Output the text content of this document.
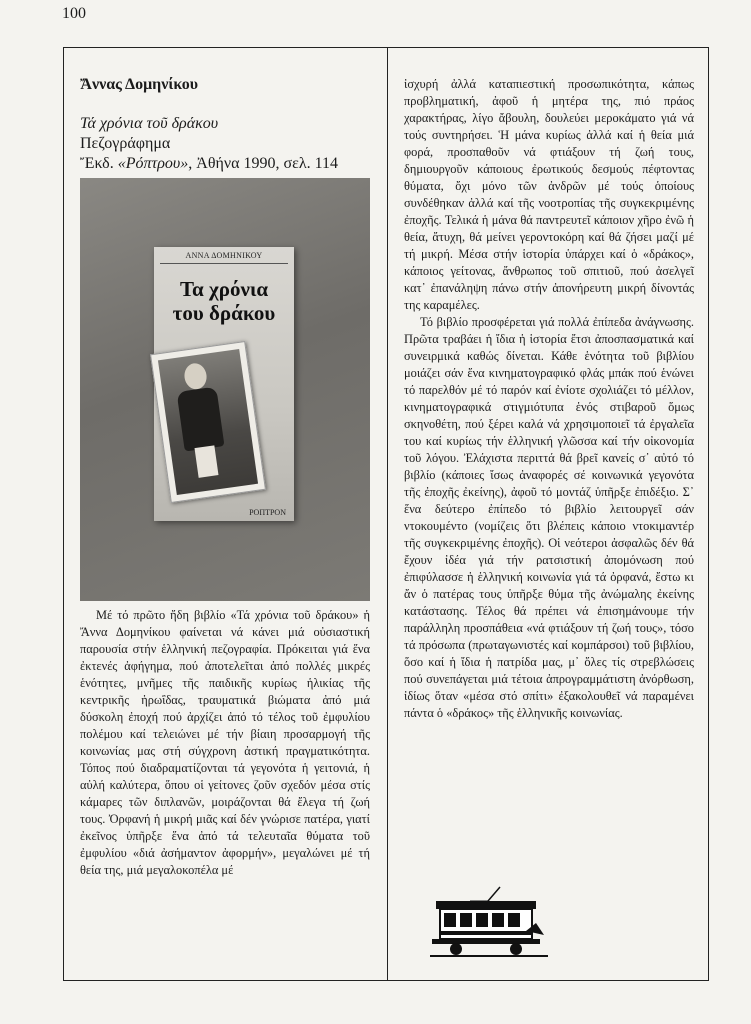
100
Ἄννας Δομηνίκου
Τά χρόνια τοῦ δράκου
Πεζογράφημα
Ἔκδ. «Ρόπτρου», Ἀθήνα 1990, σελ. 114
ΑΝΝΑ ΔΟΜΗΝΙΚΟΥ
Τα χρόνια
του δράκου
ΡΟΠΤΡΟΝ

Μέ τό πρῶτο ἤδη βιβλίο «Τά χρόνια τοῦ δράκου» ἡ Ἄννα Δομηνίκου φαίνεται νά κάνει μιά οὐσιαστική παρουσία στήν ἑλληνική πεζογραφία. Πρόκειται γιά ἕνα ἐκτενές ἀφήγημα, πού ἀποτελεῖται ἀπό πολλές μικρές ἑνότητες, μνῆμες τῆς παιδικῆς κυρίως ἡλικίας τῆς κεντρικῆς ἡρωΐδας, τραυματικά βιώματα ἀπό μιά δύσκολη ἐποχή πού ἀρχίζει ἀπό τό τέλος τοῦ ἐμφυλίου πολέμου καί τελειώνει μέ τήν βίαιη προσαρμογή τῆς κοινωνίας μας στή σύγχρονη ἀστική πραγματικότητα. Τόπος πού διαδραματίζονται τά γεγονότα ἡ γειτονιά, ἡ αὐλή καλύτερα, ὅπου οἱ γείτονες ζοῦν σχεδόν μέσα στίς κάμαρες τῶν διπλανῶν, μοιράζονται θά ἔλεγα τή ζωή τους. Ὀρφανή ἡ μικρή μιᾶς καί δέν γνώρισε πατέρα, γιατί ἐκεῖνος ὑπῆρξε ἕνα ἀπό τά τελευταῖα θύματα τοῦ ἐμφυλίου «διά ἀσήμαντον ἀφορμήν», μεγαλώνει μέ τή θεία της, μιά μεγαλοκοπέλα μέ

ἰσχυρή ἀλλά καταπιεστική προσωπικότητα, κάπως προβληματική, ἀφοῦ ἡ μητέρα της, πιό πράος χαρακτήρας, λίγο ἄβουλη, δουλεύει μεροκάματο γιά νά τούς συντηρήσει. Ἡ μάνα κυρίως ἀλλά καί ἡ θεία μιά φορά, προσπαθοῦν νά φτιάξουν τή ζωή τους, δημιουργοῦν κάποιους ἐρωτικούς δεσμούς πέφτοντας θύματα, ὄχι μόνο τῶν ἀνδρῶν μέ τούς ὁποίους συνδέθηκαν ἀλλά καί τῆς νοοτροπίας τῆς συγκεκριμένης ἐποχῆς. Τελικά ἡ μάνα θά παντρευτεῖ κάποιον χῆρο ἐνῶ ἡ θεία, ἄτυχη, θά μείνει γεροντοκόρη καί θά ζήσει μαζί μέ τή μικρή. Μέσα στήν ἱστορία ὑπάρχει καί ὁ «δράκος», κάποιος γείτονας, ἄνθρωπος τοῦ σπιτιοῦ, πού ἀσελγεῖ κατ᾽ ἐπανάληψη πάνω στήν ἀπονήρευτη μικρή δίνοντάς της καραμέλες.

Τό βιβλίο προσφέρεται γιά πολλά ἐπίπεδα ἀνάγνωσης. Πρῶτα τραβάει ἡ ἴδια ἡ ἱστορία ἔτσι ἀποσπασματικά καί συνειρμικά καθώς δίνεται. Κάθε ἑνότητα τοῦ βιβλίου μοιάζει σάν ἕνα κινηματογραφικό φλάς μπάκ πού ἑνώνει τό παρελθόν μέ τό παρόν καί ἐνίοτε σχολιάζει τό μέλλον, κινηματογραφικά στιγμιότυπα ἑνός στιβαροῦ ὅμως σκηνοθέτη, πού ξέρει καλά νά χρησιμοποιεῖ τά ἐργαλεῖα του καί κυρίως τήν ἑλληνική γλῶσσα καί τήν οἰκονομία τοῦ λόγου. Ἐλάχιστα περιττά θά βρεῖ κανείς σ᾽ αὐτό τό βιβλίο (κάποιες ἴσως ἀναφορές σέ κοινωνικά γεγονότα τῆς ἐποχῆς ἐκείνης), ἀφοῦ τό μοντάζ ὑπῆρξε ἐπιδέξιο. Σ᾽ ἕνα δεύτερο ἐπίπεδο τό βιβλίο λειτουργεῖ σάν ντοκουμέντο (νομίζεις ὅτι βλέπεις κάποιο ντοκιμαντέρ τῆς συγκεκριμένης ἐποχῆς). Οἱ νεότεροι ἀσφαλῶς δέν θά ἔχουν ἰδέα γιά τήν ρατσιστική ἀπομόνωση πού ἐπιφύλασσε ἡ ἑλληνική κοινωνία γιά τά ὀρφανά, ἔστω κι ἄν ὁ πατέρας τους ὑπῆρξε θύμα τῆς ἀνώμαλης ἐκείνης κατάστασης. Τέλος θά πρέπει νά ἐπισημάνουμε τήν παράλληλη προσπάθεια «νά φτιάξουν τή ζωή τους», τόσο τά πρόσωπα (πρωταγωνιστές καί κομπάρσοι) τοῦ βιβλίου, ὅσο καί ἡ ἴδια ἡ πατρίδα μας, μ᾽ ὅλες τίς στρεβλώσεις πού συνεπάγεται μιά τέτοια ἀπρογραμμάτιστη ἀνόρθωση, ἰδίως ὅταν «μέσα στό σπίτι» ἐξακολουθεῖ νά παραμένει πάντα ὁ «δράκος» τῆς ἑλληνικῆς κοινωνίας.
